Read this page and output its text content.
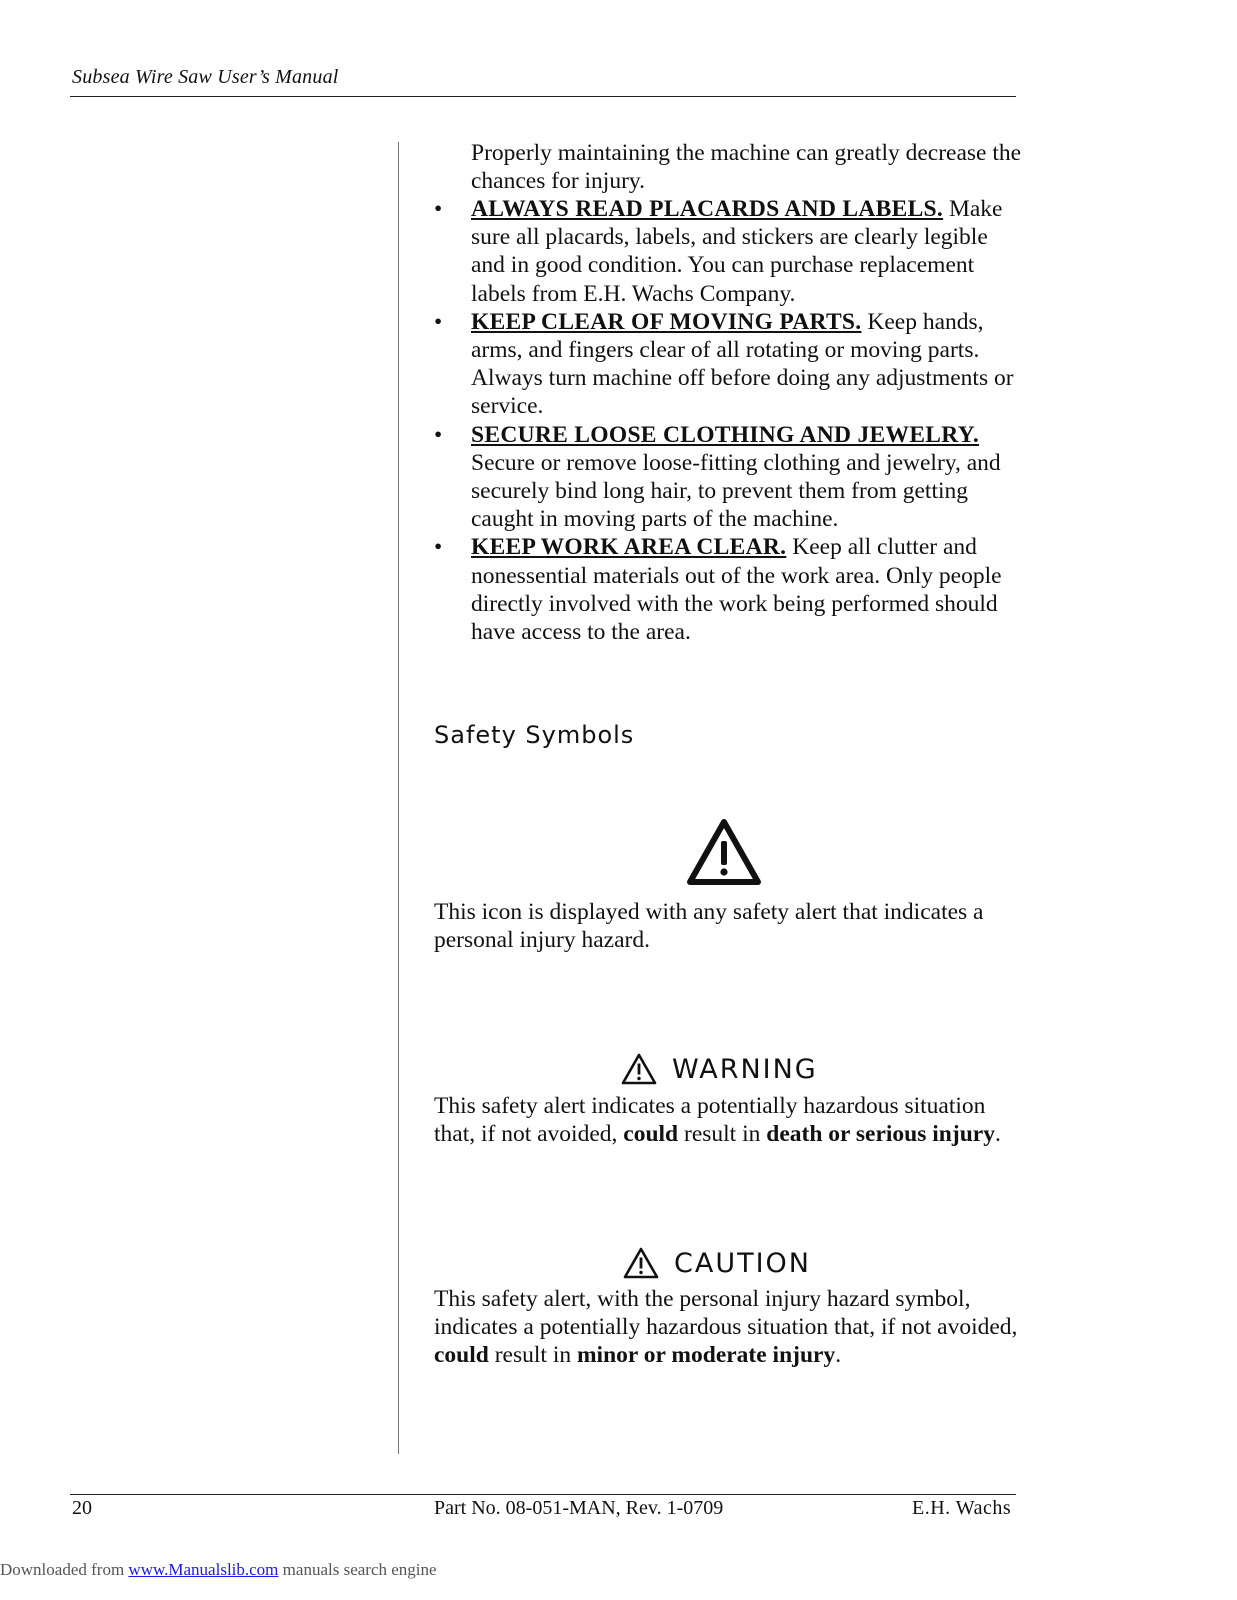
Subsea Wire Saw User’s Manual
Properly maintaining the machine can greatly decrease the chances for injury.
• ALWAYS READ PLACARDS AND LABELS. Make sure all placards, labels, and stickers are clearly legible and in good condition. You can purchase replacement labels from E.H. Wachs Company.
• KEEP CLEAR OF MOVING PARTS. Keep hands, arms, and fingers clear of all rotating or moving parts. Always turn machine off before doing any adjustments or service.
• SECURE LOOSE CLOTHING AND JEWELRY. Secure or remove loose-fitting clothing and jewelry, and securely bind long hair, to prevent them from getting caught in moving parts of the machine.
• KEEP WORK AREA CLEAR. Keep all clutter and nonessential materials out of the work area. Only people directly involved with the work being performed should have access to the area.
Safety Symbols
This icon is displayed with any safety alert that indicates a personal injury hazard.
WARNING
This safety alert indicates a potentially hazardous situation that, if not avoided, could result in death or serious injury.
CAUTION
This safety alert, with the personal injury hazard symbol, indicates a potentially hazardous situation that, if not avoided, could result in minor or moderate injury.
20	Part No. 08-051-MAN, Rev. 1-0709	E.H. Wachs
Downloaded from www.Manualslib.com manuals search engine
